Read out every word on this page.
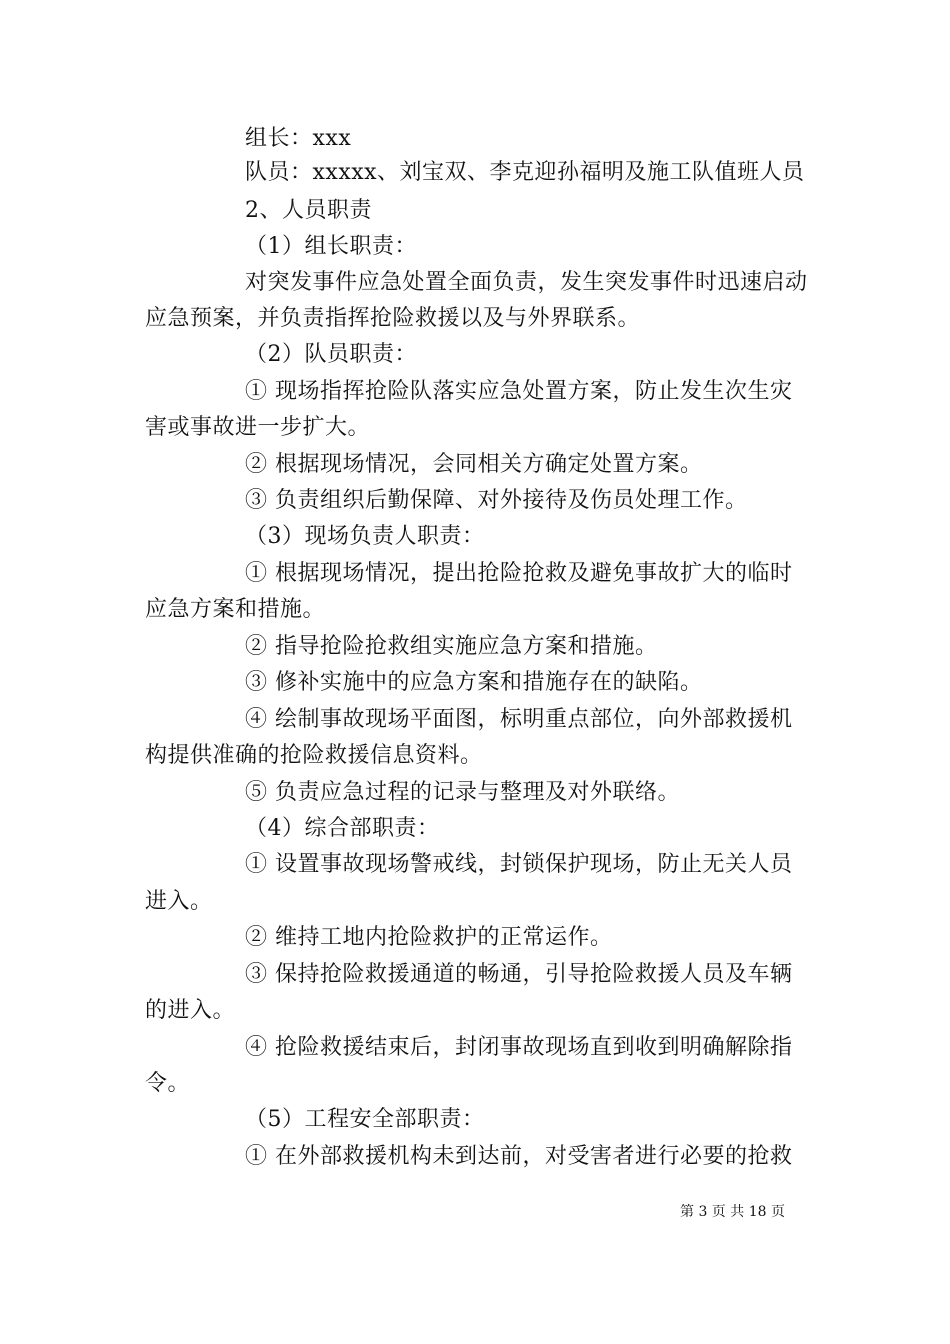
组长：xxx
队员：xxxxx、刘宝双、李克迎孙福明及施工队值班人员
2、人员职责
（1）组长职责：
对突发事件应急处置全面负责，发生突发事件时迅速启动
应急预案，并负责指挥抢险救援以及与外界联系。
（2）队员职责：
① 现场指挥抢险队落实应急处置方案，防止发生次生灾
害或事故进一步扩大。
② 根据现场情况，会同相关方确定处置方案。
③ 负责组织后勤保障、对外接待及伤员处理工作。
（3）现场负责人职责：
① 根据现场情况，提出抢险抢救及避免事故扩大的临时
应急方案和措施。
② 指导抢险抢救组实施应急方案和措施。
③ 修补实施中的应急方案和措施存在的缺陷。
④ 绘制事故现场平面图，标明重点部位，向外部救援机
构提供准确的抢险救援信息资料。
⑤ 负责应急过程的记录与整理及对外联络。
（4）综合部职责：
① 设置事故现场警戒线，封锁保护现场，防止无关人员
进入。
② 维持工地内抢险救护的正常运作。
③ 保持抢险救援通道的畅通，引导抢险救援人员及车辆
的进入。
④ 抢险救援结束后，封闭事故现场直到收到明确解除指
令。
（5）工程安全部职责：
① 在外部救援机构未到达前，对受害者进行必要的抢救
第 3 页 共 18 页
